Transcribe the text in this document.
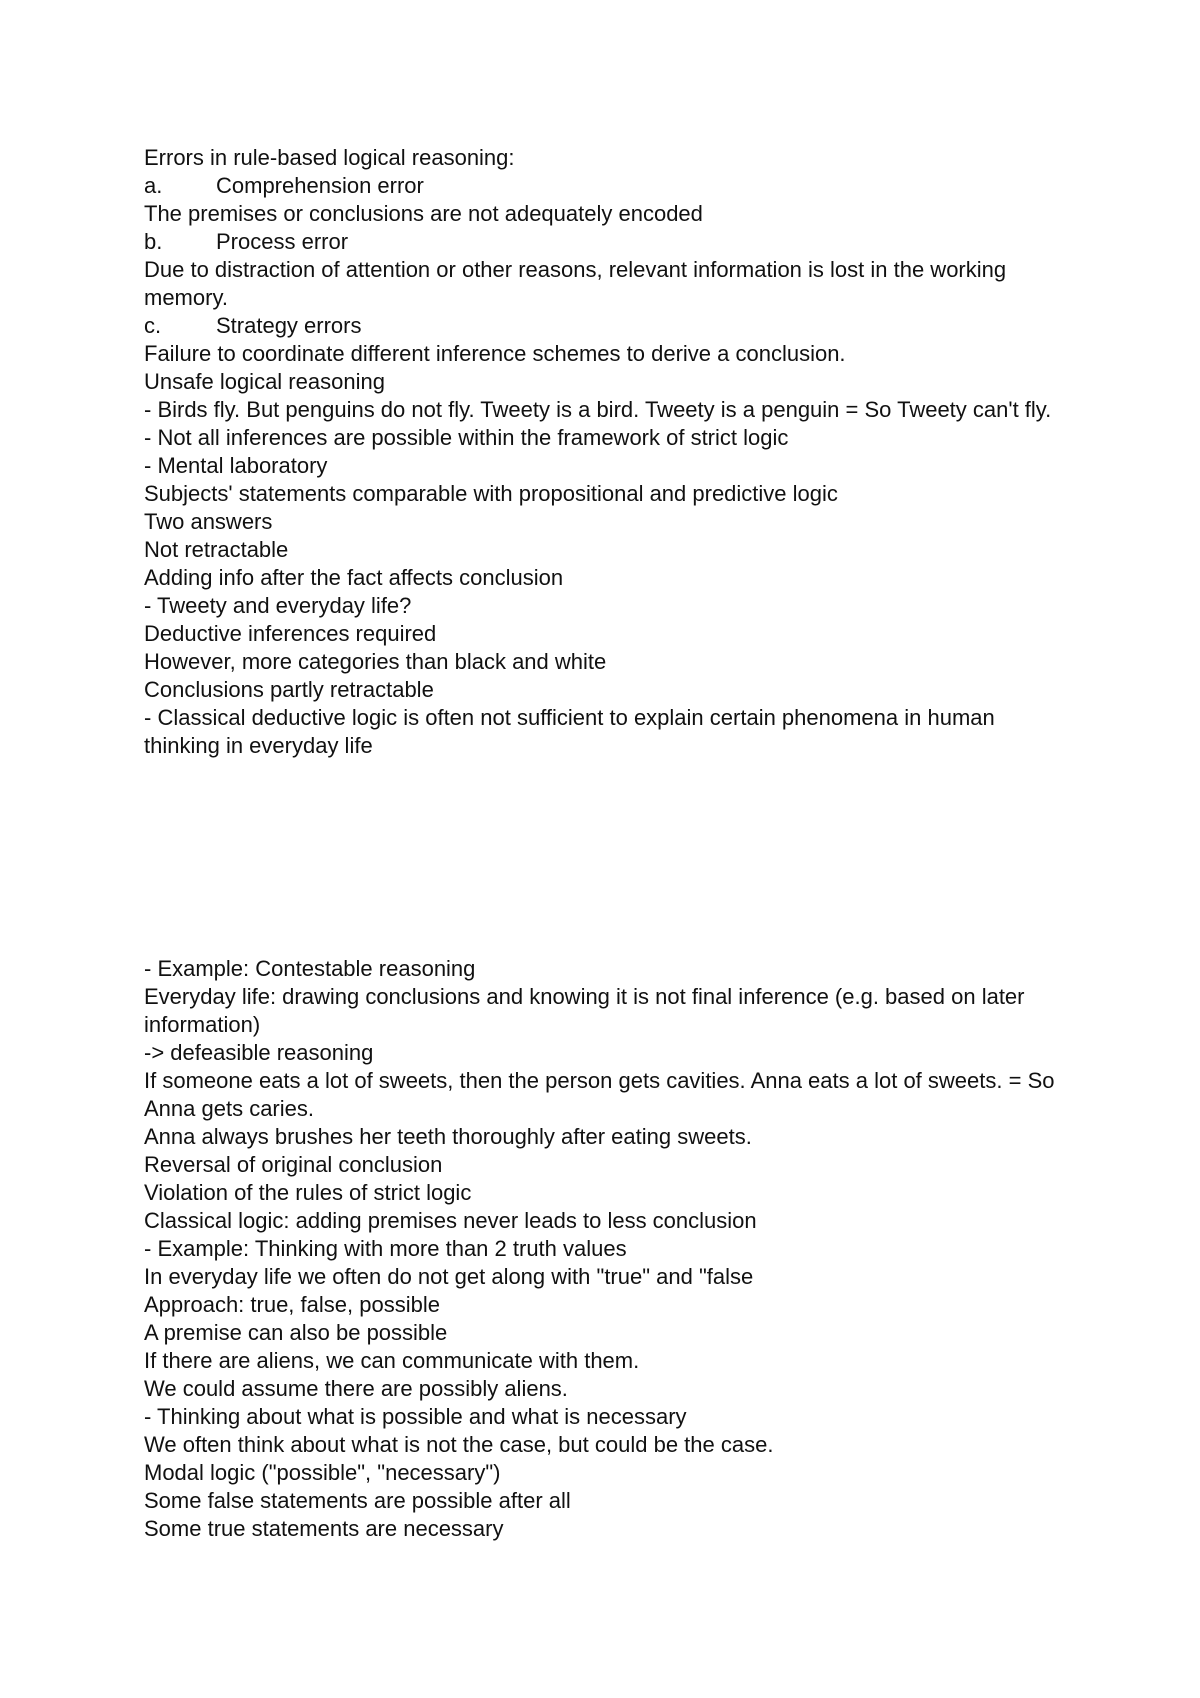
Errors in rule-based logical reasoning:

a.	Comprehension error

The premises or conclusions are not adequately encoded

b.	Process error

Due to distraction of attention or other reasons, relevant information is lost in the working memory.

c.	Strategy errors

Failure to coordinate different inference schemes to derive a conclusion.

Unsafe logical reasoning

- Birds fly. But penguins do not fly. Tweety is a bird. Tweety is a penguin = So Tweety can't fly.

- Not all inferences are possible within the framework of strict logic

- Mental laboratory

Subjects' statements comparable with propositional and predictive logic

Two answers

Not retractable

Adding info after the fact affects conclusion

- Tweety and everyday life?

Deductive inferences required

However, more categories than black and white

Conclusions partly retractable

- Classical deductive logic is often not sufficient to explain certain phenomena in human thinking in everyday life

- Example: Contestable reasoning

Everyday life: drawing conclusions and knowing it is not final inference (e.g. based on later information)

-> defeasible reasoning

If someone eats a lot of sweets, then the person gets cavities. Anna eats a lot of sweets. = So Anna gets caries.

Anna always brushes her teeth thoroughly after eating sweets.

Reversal of original conclusion

Violation of the rules of strict logic

Classical logic: adding premises never leads to less conclusion

- Example: Thinking with more than 2 truth values

In everyday life we often do not get along with "true" and "false

Approach: true, false, possible

A premise can also be possible

If there are aliens, we can communicate with them.

We could assume there are possibly aliens.

- Thinking about what is possible and what is necessary

We often think about what is not the case, but could be the case.

Modal logic ("possible", "necessary")

Some false statements are possible after all

Some true statements are necessary
